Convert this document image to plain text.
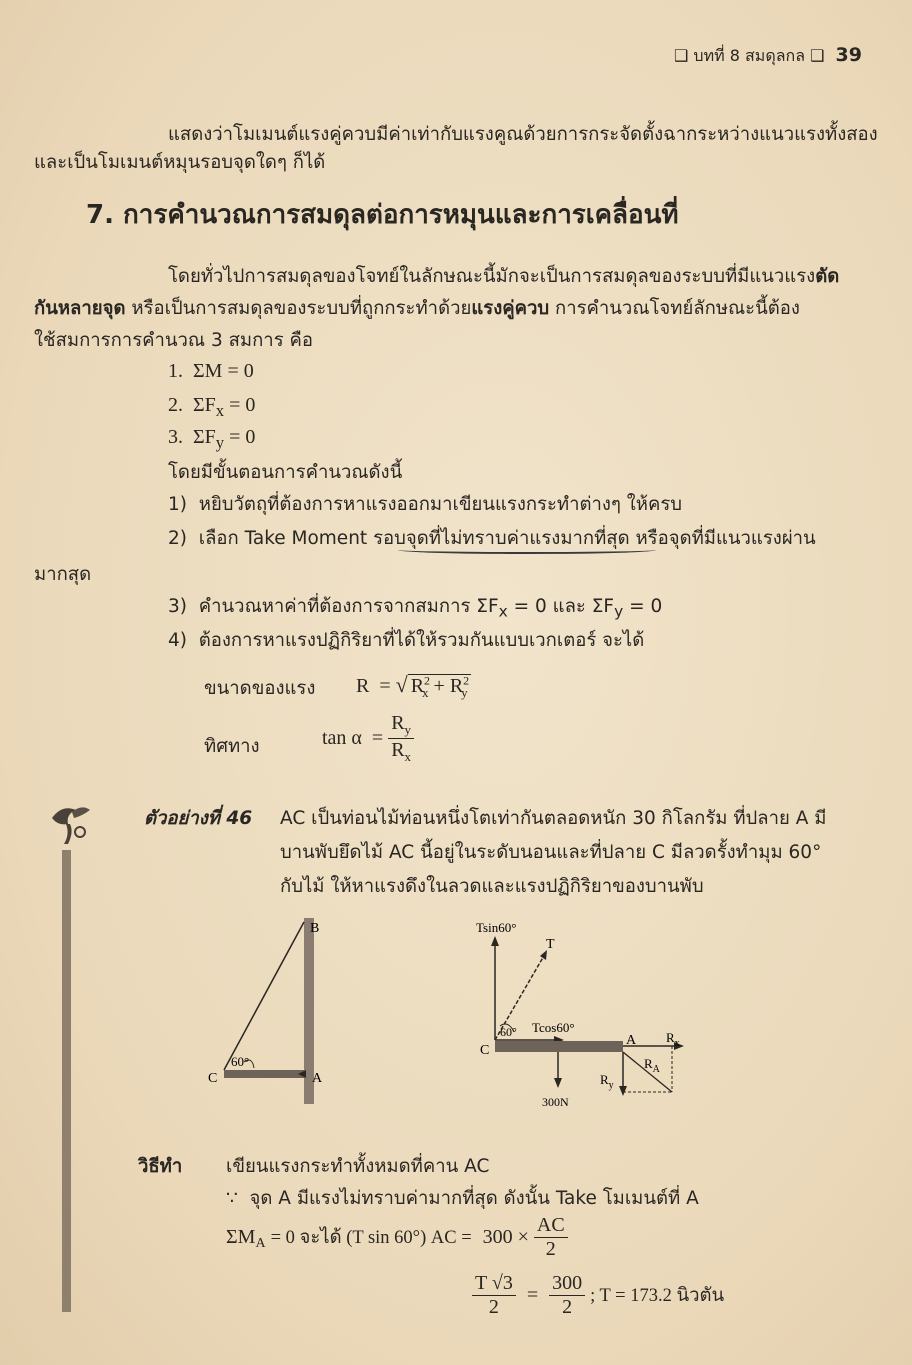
❑ บทที่ 8 สมดุลกล ❑ 39
แสดงว่าโมเมนต์แรงคู่ควบมีค่าเท่ากับแรงคูณด้วยการกระจัดตั้งฉากระหว่างแนวแรงทั้งสอง
และเป็นโมเมนต์หมุนรอบจุดใดๆ ก็ได้
7. การคำนวณการสมดุลต่อการหมุนและการเคลื่อนที่
โดยทั่วไปการสมดุลของโจทย์ในลักษณะนี้มักจะเป็นการสมดุลของระบบที่มีแนวแรงตัด
กันหลายจุด หรือเป็นการสมดุลของระบบที่ถูกกระทำด้วยแรงคู่ควบ การคำนวณโจทย์ลักษณะนี้ต้อง
ใช้สมการการคำนวณ 3 สมการ คือ
1. ΣM = 0
2. $\Sigma F_x = 0$
3. $\Sigma F_y = 0$
โดยมีขั้นตอนการคำนวณดังนี้
1) หยิบวัตถุที่ต้องการหาแรงออกมาเขียนแรงกระทำต่างๆ ให้ครบ
2) เลือก Take Moment รอบจุดที่ไม่ทราบค่าแรงมากที่สุด หรือจุดที่มีแนวแรงผ่าน
มากสุด
3) คำนวณหาค่าที่ต้องการจากสมการ $\Sigma F_x = 0$ และ $\Sigma F_y = 0$
4) ต้องการหาแรงปฏิกิริยาที่ได้ให้รวมกันแบบเวกเตอร์ จะได้
ขนาดของแรง R = √ $R^2_x + R^2_y$
ทิศทาง	$\tan \alpha = \frac{R_y}{R_x}$
ตัวอย่างที่ 46 AC เป็นท่อนไม้ท่อนหนึ่งโตเท่ากันตลอดหนัก 30 กิโลกรัม ที่ปลาย A มี
บานพับยึดไม้ AC นี้อยู่ในระดับนอนและที่ปลาย C มีลวดรั้งทำมุม 60°
กับไม้ ให้หาแรงดึงในลวดและแรงปฏิกิริยาของบานพับ
60°
B
C	A
Tsin60°
T
60° Tcos60°
C
A $R_x$
$R_y$
$R_A$
300N
วิธีทำ เขียนแรงกระทำทั้งหมดที่คาน AC
∵ จุด A มีแรงไม่ทราบค่ามากที่สุด ดังนั้น Take โมเมนต์ที่ A
$\Sigma M_A = 0$ จะได้ (T sin 60°) AC = $300 \times \frac{AC}{2}$
$\frac{T √3}{2} = \frac{300}{2}$ ; T = 173.2 นิวตัน
